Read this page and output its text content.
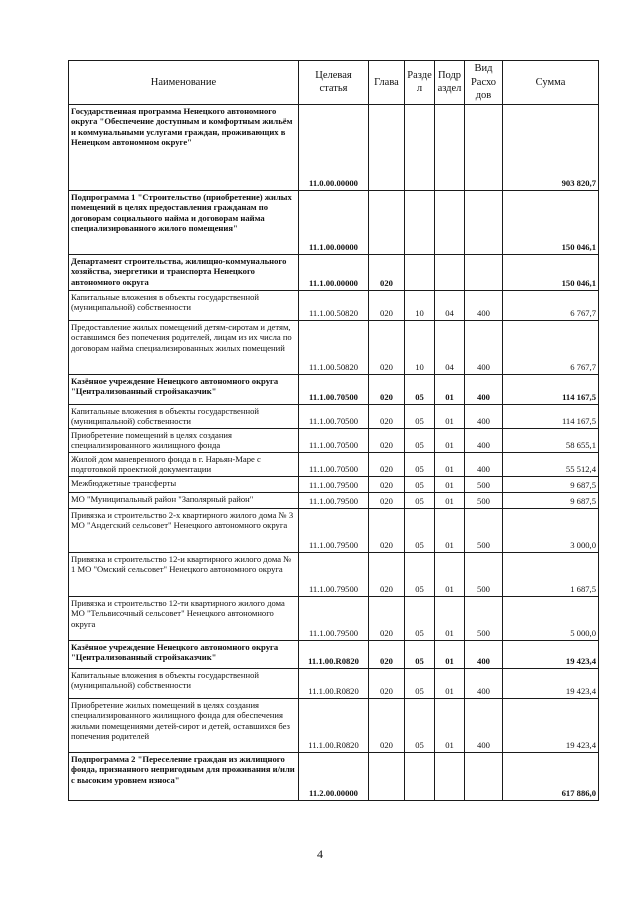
Наименование	Целевая статья	Глава	Разде л	Подр аздел	Вид Расхо дов	Сумма
Государственная программа Ненецкого автономного округа "Обеспечение доступным и комфортным жильём и коммунальными услугами граждан, проживающих в Ненецком автономном округе"	11.0.00.00000					903 820,7
Подпрограмма 1 "Строительство (приобретение) жилых помещений в целях предоставления гражданам по договорам социального найма и договорам найма специализированного жилого помещения"	11.1.00.00000					150 046,1
Департамент строительства, жилищно-коммунального хозяйства, энергетики и транспорта Ненецкого автономного округа	11.1.00.00000	020				150 046,1
Капитальные вложения в объекты государственной (муниципальной) собственности	11.1.00.50820	020	10	04	400	6 767,7
Предоставление жилых помещений детям-сиротам и детям, оставшимся без попечения родителей, лицам из их числа по договорам найма специализированных жилых помещений	11.1.00.50820	020	10	04	400	6 767,7
Казённое учреждение Ненецкого автономного округа "Централизованный стройзаказчик"	11.1.00.70500	020	05	01	400	114 167,5
Капитальные вложения в объекты государственной (муниципальной) собственности	11.1.00.70500	020	05	01	400	114 167,5
Приобретение помещений в целях создания специализированного жилищного фонда	11.1.00.70500	020	05	01	400	58 655,1
Жилой дом маневренного фонда в г. Нарьян-Маре с подготовкой проектной документации	11.1.00.70500	020	05	01	400	55 512,4
Межбюджетные трансферты	11.1.00.79500	020	05	01	500	9 687,5
МО "Муниципальный район "Заполярный район"	11.1.00.79500	020	05	01	500	9 687,5
Привязка и строительство 2-х квартирного жилого дома № 3 МО "Андегский сельсовет" Ненецкого автономного округа	11.1.00.79500	020	05	01	500	3 000,0
Привязка и строительство 12-и квартирного жилого дома № 1 МО "Омский сельсовет" Ненецкого автономного округа	11.1.00.79500	020	05	01	500	1 687,5
Привязка и строительство 12-ти квартирного жилого дома МО "Тельвисочный сельсовет" Ненецкого автономного округа	11.1.00.79500	020	05	01	500	5 000,0
Казённое учреждение Ненецкого автономного округа "Централизованный стройзаказчик"	11.1.00.R0820	020	05	01	400	19 423,4
Капитальные вложения в объекты государственной (муниципальной) собственности	11.1.00.R0820	020	05	01	400	19 423,4
Приобретение жилых помещений в целях создания специализированного жилищного фонда для обеспечения жильми помещениями детей-сирот и детей, оставшихся без попечения родителей	11.1.00.R0820	020	05	01	400	19 423,4
Подпрограмма 2 "Переселение граждан из жилищного фонда, признанного непригодным для проживания и/или с высоким уровнем износа"	11.2.00.00000					617 886,0
4
